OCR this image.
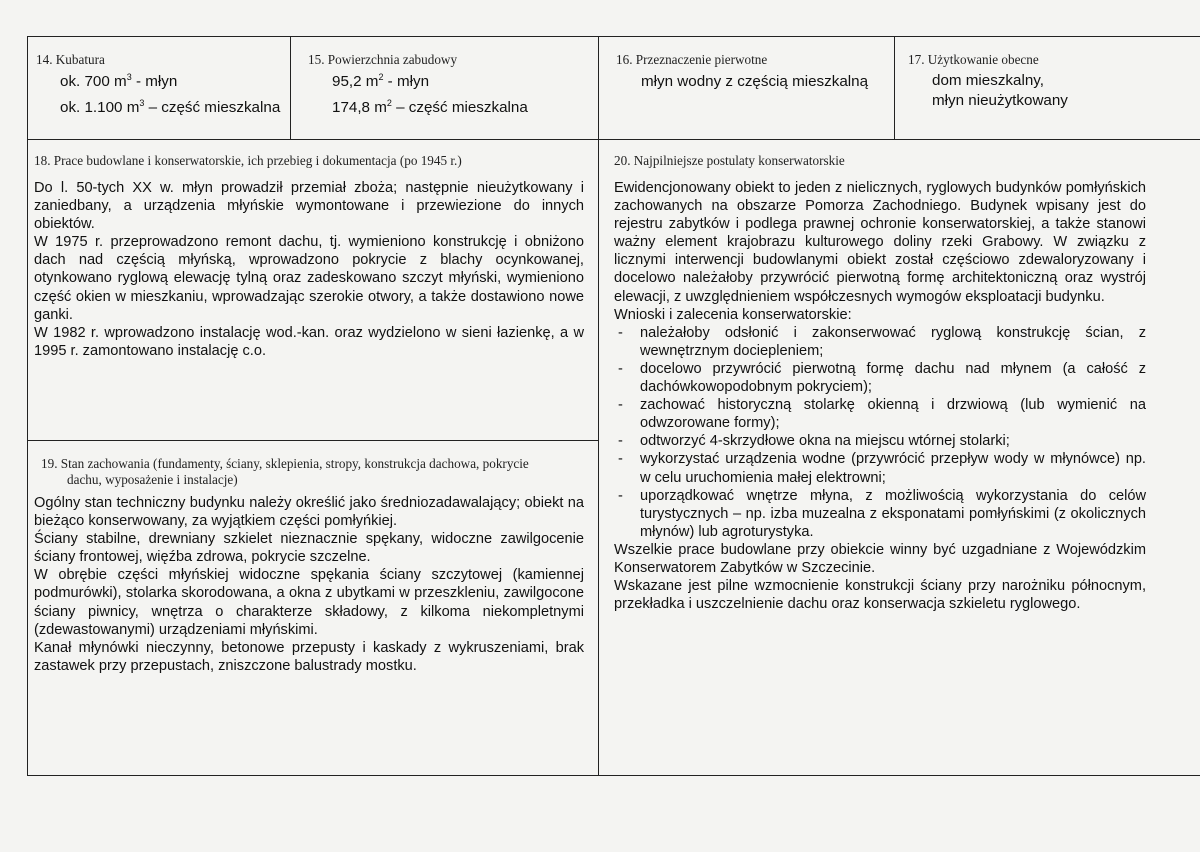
14. Kubatura
ok. 700 $m^3$ - młyn
ok. 1.100 $m^3$ – część mieszkalna
15. Powierzchnia zabudowy
95,2 $m^2$ - młyn
174,8 $m^2$ – część mieszkalna
16. Przeznaczenie pierwotne
młyn wodny z częścią mieszkalną
17. Użytkowanie obecne
dom mieszkalny,
młyn nieużytkowany
18. Prace budowlane i konserwatorskie, ich przebieg i dokumentacja (po 1945 r.)

Do l. 50-tych XX w. młyn prowadził przemiał zboża; następnie nieużytkowany i zaniedbany, a urządzenia młyńskie wymontowane i przewiezione do innych obiektów.

W 1975 r. przeprowadzono remont dachu, tj. wymieniono konstrukcję i obniżono dach nad częścią młyńską, wprowadzono pokrycie z blachy ocynkowanej, otynkowano ryglową elewację tylną oraz zadeskowano szczyt młyński, wymieniono część okien w mieszkaniu, wprowadzając szerokie otwory, a także dostawiono nowe ganki.

W 1982 r. wprowadzono instalację wod.-kan. oraz wydzielono w sieni łazienkę, a w 1995 r. zamontowano instalację c.o.

19. Stan zachowania (fundamenty, ściany, sklepienia, stropy, konstrukcja dachowa, pokrycie
dachu, wyposażenie i instalacje)

Ogólny stan techniczny budynku należy określić jako średniozadawalający; obiekt na bieżąco konserwowany, za wyjątkiem części pomłyńkiej.

Ściany stabilne, drewniany szkielet nieznacznie spękany, widoczne zawilgocenie ściany frontowej, więźba zdrowa, pokrycie szczelne.

W obrębie części młyńskiej widoczne spękania ściany szczytowej (kamiennej podmurówki), stolarka skorodowana, a okna z ubytkami w przeszkleniu, zawilgocone ściany piwnicy, wnętrza o charakterze składowy, z kilkoma niekompletnymi (zdewastowanymi) urządzeniami młyńskimi.

Kanał młynówki nieczynny, betonowe przepusty i kaskady z wykruszeniami, brak zastawek przy przepustach, zniszczone balustrady mostku.

20. Najpilniejsze postulaty konserwatorskie

Ewidencjonowany obiekt to jeden z nielicznych, ryglowych budynków pomłyńskich zachowanych na obszarze Pomorza Zachodniego. Budynek wpisany jest do rejestru zabytków i podlega prawnej ochronie konserwatorskiej, a także stanowi ważny element krajobrazu kulturowego doliny rzeki Grabowy. W związku z licznymi interwencji budowlanymi obiekt został częściowo zdewaloryzowany i docelowo należałoby przywrócić pierwotną formę architektoniczną oraz wystrój elewacji, z uwzględnieniem współczesnych wymogów eksploatacji budynku.

Wnioski i zalecenia konserwatorskie:

-	należałoby odsłonić i zakonserwować ryglową konstrukcję ścian, z wewnętrznym dociepleniem;
-	docelowo przywrócić pierwotną formę dachu nad młynem (a całość z dachówkowopodobnym pokryciem);
-	zachować historyczną stolarkę okienną i drzwiową (lub wymienić na odwzorowane formy);
-	odtworzyć 4-skrzydłowe okna na miejscu wtórnej stolarki;
-	wykorzystać urządzenia wodne (przywrócić przepływ wody w młynówce) np. w celu uruchomienia małej elektrowni;
-	uporządkować wnętrze młyna, z możliwością wykorzystania do celów turystycznych – np. izba muzealna z eksponatami pomłyńskimi (z okolicznych młynów) lub agroturystyka.

Wszelkie prace budowlane przy obiekcie winny być uzgadniane z Wojewódzkim Konserwatorem Zabytków w Szczecinie.

Wskazane jest pilne wzmocnienie konstrukcji ściany przy narożniku północnym, przekładka i uszczelnienie dachu oraz konserwacja szkieletu ryglowego.
